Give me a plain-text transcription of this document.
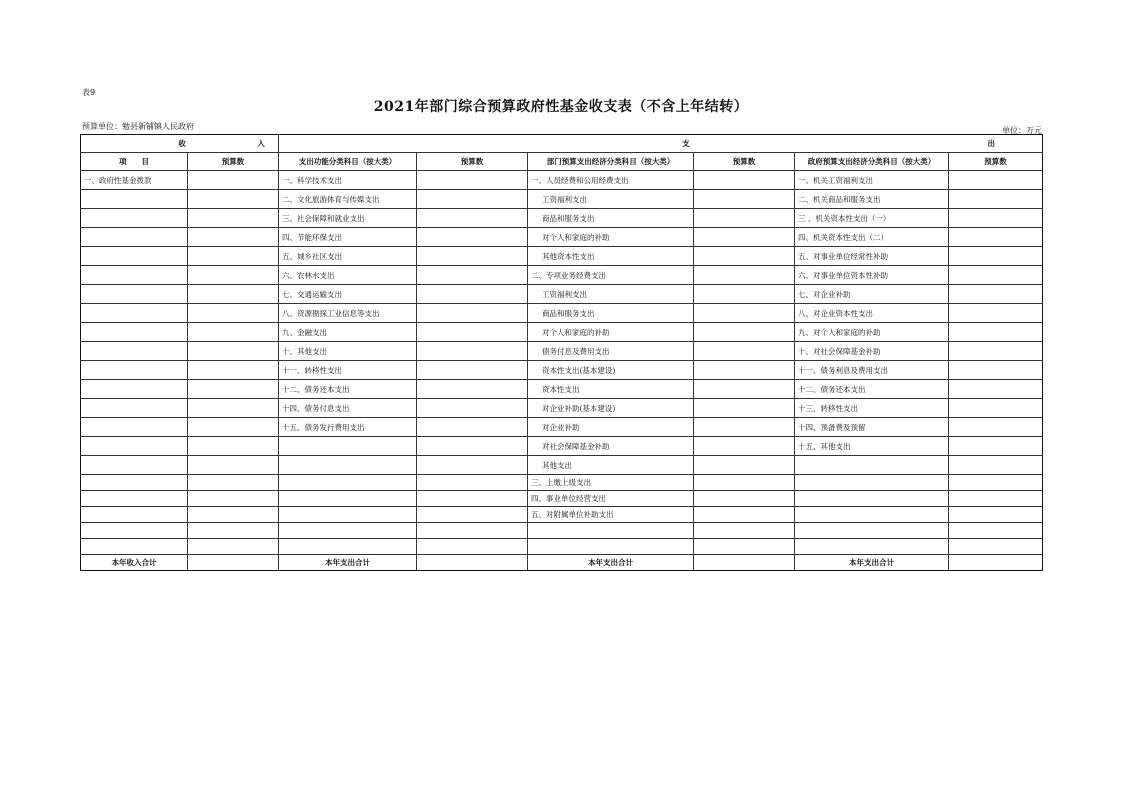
表9
2021年部门综合预算政府性基金收支表（不含上年结转）
预算单位：勉县新铺镇人民政府	单位：万元
收 入		支 出					
项　　目	预算数	支出功能分类科目（按大类）	预算数	部门预算支出经济分类科目（按大类）	预算数	政府预算支出经济分类科目（按大类）	预算数
一、政府性基金拨款		一、科学技术支出		一、人员经费和公用经费支出		一、机关工资福利支出	
		二、文化旅游体育与传媒支出		工资福利支出		二、机关商品和服务支出	
		三、社会保障和就业支出		商品和服务支出		三 、机关资本性支出（一）	
		四、节能环保支出		对个人和家庭的补助		四、机关资本性支出（二）	
		五、城乡社区支出		其他资本性支出		五、对事业单位经常性补助	
		六、农林水支出		二、专项业务经费支出		六、对事业单位资本性补助	
		七、交通运输支出		工资福利支出		七、对企业补助	
		八、资源勘探工业信息等支出		商品和服务支出		八、对企业资本性支出	
		九、金融支出		对个人和家庭的补助		九、对个人和家庭的补助	
		十、其他支出		债务付息及费用支出		十、对社会保障基金补助	
		十一、转移性支出		资本性支出(基本建设)		十一、债务利息及费用支出	
		十二、债务还本支出		资本性支出		十二、债务还本支出	
		十四、债务付息支出		对企业补助(基本建设)		十三、转移性支出	
		十五、债务发行费用支出		对企业补助		十四、预备费及预留	
				对社会保障基金补助		十五、其他支出	
				其他支出			
				三、上缴上级支出			
				四、事业单位经营支出			
				五、对附属单位补助支出			

本年收入合计		本年支出合计		本年支出合计		本年支出合计	
